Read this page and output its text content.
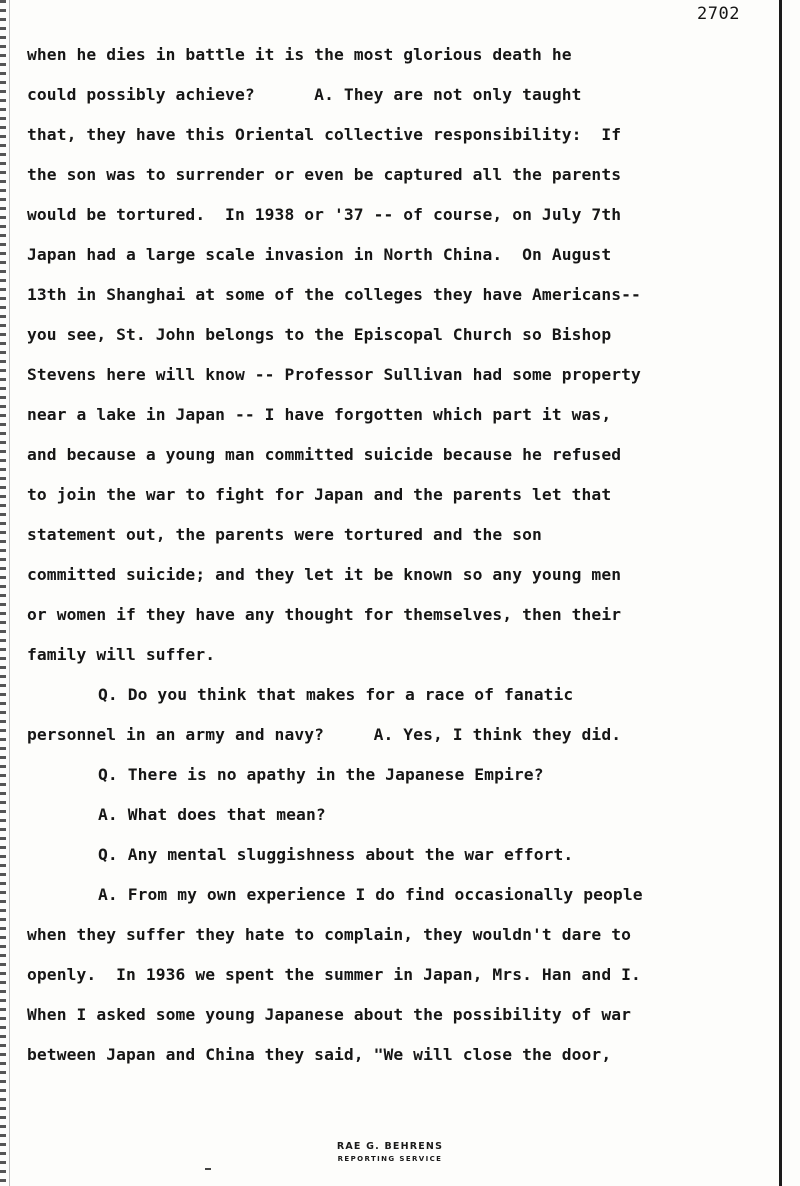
2702
when he dies in battle it is the most glorious death he
could possibly achieve?      A. They are not only taught
that, they have this Oriental collective responsibility:  If
the son was to surrender or even be captured all the parents
would be tortured.  In 1938 or '37 -- of course, on July 7th
Japan had a large scale invasion in North China.  On August
13th in Shanghai at some of the colleges they have Americans--
you see, St. John belongs to the Episcopal Church so Bishop
Stevens here will know -- Professor Sullivan had some property
near a lake in Japan -- I have forgotten which part it was,
and because a young man committed suicide because he refused
to join the war to fight for Japan and the parents let that
statement out, the parents were tortured and the son
committed suicide; and they let it be known so any young men
or women if they have any thought for themselves, then their
family will suffer.
Q. Do you think that makes for a race of fanatic
personnel in an army and navy?     A. Yes, I think they did.
Q. There is no apathy in the Japanese Empire?
A. What does that mean?
Q. Any mental sluggishness about the war effort.
A. From my own experience I do find occasionally people
when they suffer they hate to complain, they wouldn't dare to
openly.  In 1936 we spent the summer in Japan, Mrs. Han and I.
When I asked some young Japanese about the possibility of war
between Japan and China they said, "We will close the door,
RAE G. BEHRENS
REPORTING SERVICE
